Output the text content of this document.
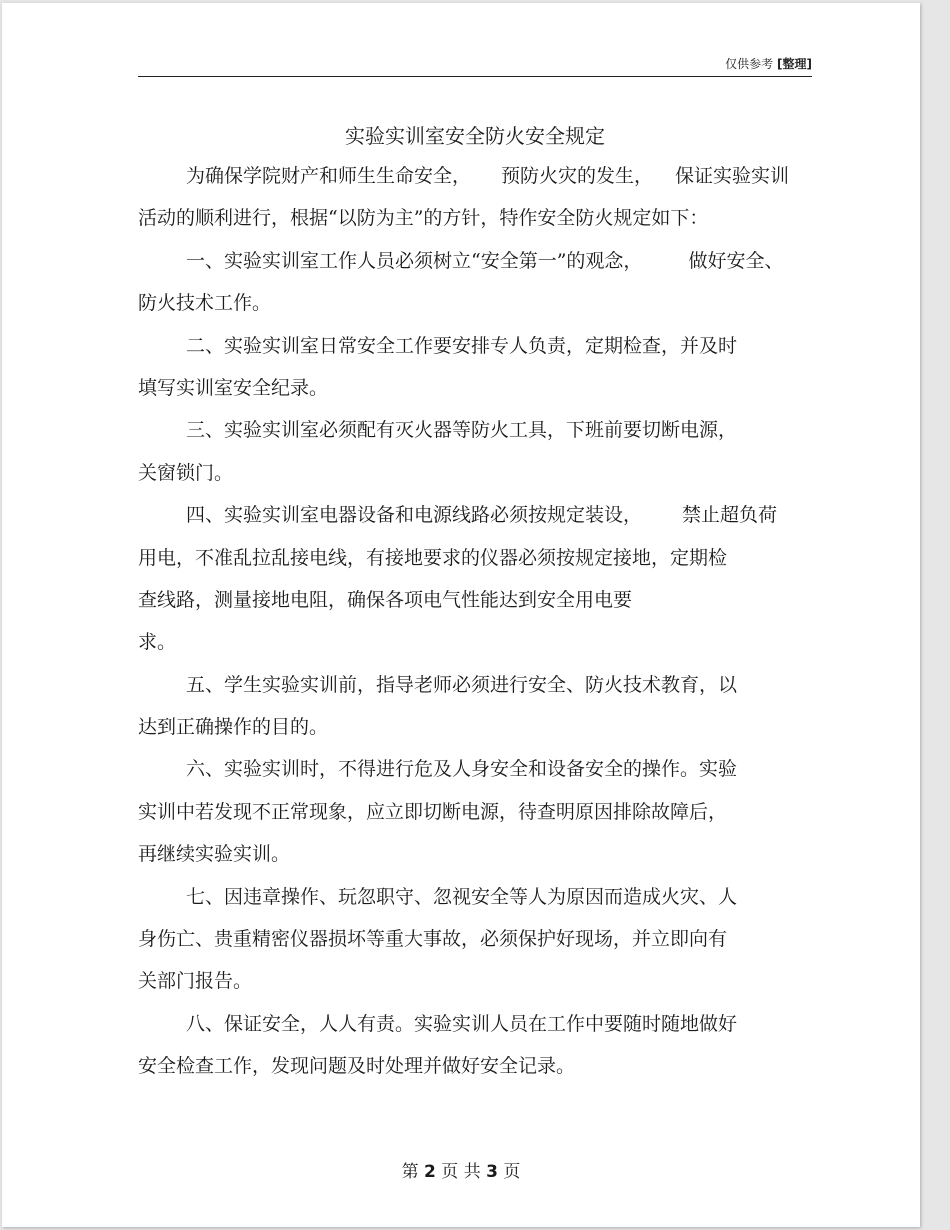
仅供参考 [整理]
实验实训室安全防火安全规定
为确保学院财产和师生生命安全， 预防火灾的发生， 保证实验实训
活动的顺利进行，根据“以防为主”的方针，特作安全防火规定如下：
一、实验实训室工作人员必须树立“安全第一”的观念， 做好安全、
防火技术工作。
二、实验实训室日常安全工作要安排专人负责，定期检查，并及时
填写实训室安全纪录。
三、实验实训室必须配有灭火器等防火工具，下班前要切断电源，
关窗锁门。
四、实验实训室电器设备和电源线路必须按规定装设， 禁止超负荷
用电，不准乱拉乱接电线，有接地要求的仪器必须按规定接地，定期检
查线路，测量接地电阻，确保各项电气性能达到安全用电要
求。
五、学生实验实训前，指导老师必须进行安全、防火技术教育，以
达到正确操作的目的。
六、实验实训时，不得进行危及人身安全和设备安全的操作。实验
实训中若发现不正常现象，应立即切断电源，待查明原因排除故障后，
再继续实验实训。
七、因违章操作、玩忽职守、忽视安全等人为原因而造成火灾、人
身伤亡、贵重精密仪器损坏等重大事故，必须保护好现场，并立即向有
关部门报告。
八、保证安全，人人有责。实验实训人员在工作中要随时随地做好
安全检查工作，发现问题及时处理并做好安全记录。
第 2 页 共 3 页
